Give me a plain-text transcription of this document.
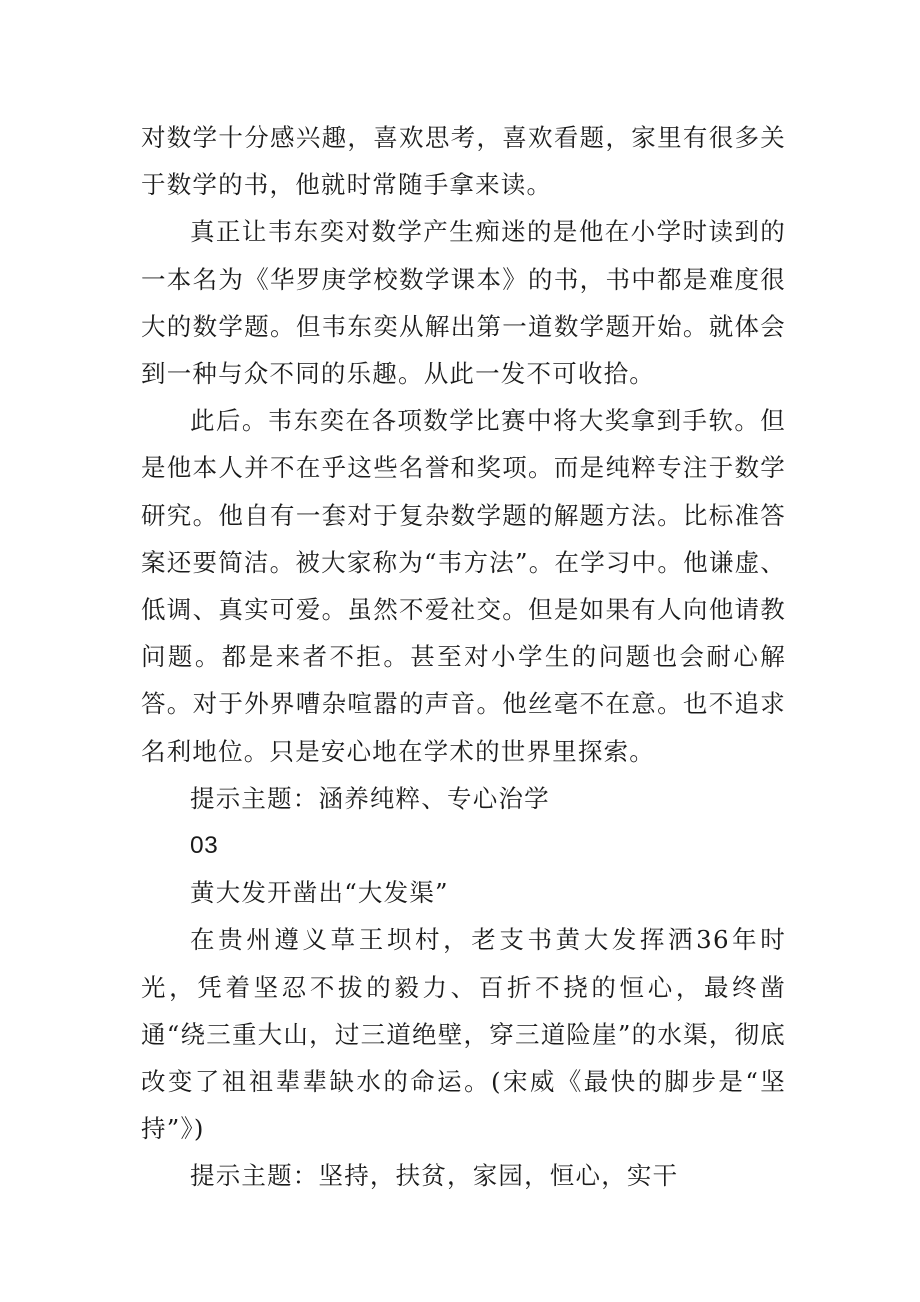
对数学十分感兴趣，喜欢思考，喜欢看题，家里有很多关于数学的书，他就时常随手拿来读。

真正让韦东奕对数学产生痴迷的是他在小学时读到的一本名为《华罗庚学校数学课本》的书，书中都是难度很大的数学题。但韦东奕从解出第一道数学题开始。就体会到一种与众不同的乐趣。从此一发不可收拾。

此后。韦东奕在各项数学比赛中将大奖拿到手软。但是他本人并不在乎这些名誉和奖项。而是纯粹专注于数学研究。他自有一套对于复杂数学题的解题方法。比标准答案还要简洁。被大家称为“韦方法”。在学习中。他谦虚、低调、真实可爱。虽然不爱社交。但是如果有人向他请教问题。都是来者不拒。甚至对小学生的问题也会耐心解答。对于外界嘈杂喧嚣的声音。他丝毫不在意。也不追求名利地位。只是安心地在学术的世界里探索。

提示主题：涵养纯粹、专心治学

03

黄大发开凿出“大发渠”

在贵州遵义草王坝村，老支书黄大发挥洒36年时光，凭着坚忍不拔的毅力、百折不挠的恒心，最终凿通“绕三重大山，过三道绝壁，穿三道险崖”的水渠，彻底改变了祖祖辈辈缺水的命运。(宋威《最快的脚步是“坚持”》)

提示主题：坚持，扶贫，家园，恒心，实干
